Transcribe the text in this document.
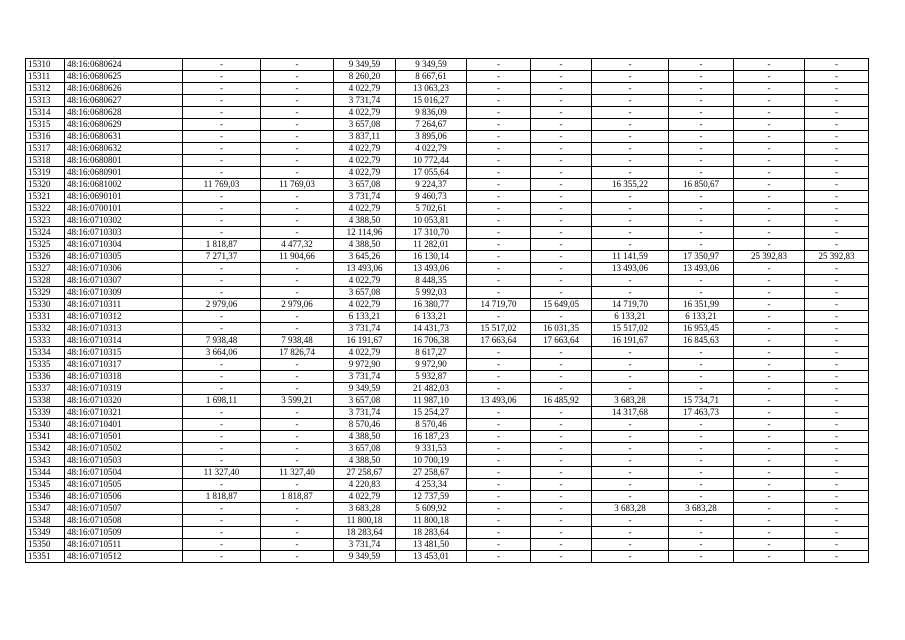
15310	48:16:0680624	-	-	9 349,59	9 349,59	-	-	-	-	-	-
15311	48:16:0680625	-	-	8 260,20	8 667,61	-	-	-	-	-	-
15312	48:16:0680626	-	-	4 022,79	13 063,23	-	-	-	-	-	-
15313	48:16:0680627	-	-	3 731,74	15 016,27	-	-	-	-	-	-
15314	48:16:0680628	-	-	4 022,79	9 836,09	-	-	-	-	-	-
15315	48:16:0680629	-	-	3 657,08	7 264,67	-	-	-	-	-	-
15316	48:16:0680631	-	-	3 837,11	3 895,06	-	-	-	-	-	-
15317	48:16:0680632	-	-	4 022,79	4 022,79	-	-	-	-	-	-
15318	48:16:0680801	-	-	4 022,79	10 772,44	-	-	-	-	-	-
15319	48:16:0680901	-	-	4 022,79	17 055,64	-	-	-	-	-	-
15320	48:16:0681002	11 769,03	11 769,03	3 657,08	9 224,37	-	-	16 355,22	16 850,67	-	-
15321	48:16:0690101	-	-	3 731,74	9 460,73	-	-	-	-	-	-
15322	48:16:0700101	-	-	4 022,79	5 702,61	-	-	-	-	-	-
15323	48:16:0710302	-	-	4 388,50	10 053,81	-	-	-	-	-	-
15324	48:16:0710303	-	-	12 114,96	17 310,70	-	-	-	-	-	-
15325	48:16:0710304	1 818,87	4 477,32	4 388,50	11 282,01	-	-	-	-	-	-
15326	48:16:0710305	7 271,37	11 904,66	3 645,26	16 130,14	-	-	11 141,59	17 350,97	25 392,83	25 392,83
15327	48:16:0710306	-	-	13 493,06	13 493,06	-	-	13 493,06	13 493,06	-	-
15328	48:16:0710307	-	-	4 022,79	8 448,35	-	-	-	-	-	-
15329	48:16:0710309	-	-	3 657,08	5 992,03	-	-	-	-	-	-
15330	48:16:0710311	2 979,06	2 979,06	4 022,79	16 380,77	14 719,70	15 649,05	14 719,70	16 351,99	-	-
15331	48:16:0710312	-	-	6 133,21	6 133,21	-	-	6 133,21	6 133,21	-	-
15332	48:16:0710313	-	-	3 731,74	14 431,73	15 517,02	16 031,35	15 517,02	16 953,45	-	-
15333	48:16:0710314	7 938,48	7 938,48	16 191,67	16 706,38	17 663,64	17 663,64	16 191,67	16 845,63	-	-
15334	48:16:0710315	3 664,06	17 826,74	4 022,79	8 617,27	-	-	-	-	-	-
15335	48:16:0710317	-	-	9 972,90	9 972,90	-	-	-	-	-	-
15336	48:16:0710318	-	-	3 731,74	5 932,87	-	-	-	-	-	-
15337	48:16:0710319	-	-	9 349,59	21 482,03	-	-	-	-	-	-
15338	48:16:0710320	1 698,11	3 599,21	3 657,08	11 987,10	13 493,06	16 485,92	3 683,28	15 734,71	-	-
15339	48:16:0710321	-	-	3 731,74	15 254,27	-	-	14 317,68	17 463,73	-	-
15340	48:16:0710401	-	-	8 570,46	8 570,46	-	-	-	-	-	-
15341	48:16:0710501	-	-	4 388,50	16 187,23	-	-	-	-	-	-
15342	48:16:0710502	-	-	3 657,08	9 331,53	-	-	-	-	-	-
15343	48:16:0710503	-	-	4 388,50	10 700,19	-	-	-	-	-	-
15344	48:16:0710504	11 327,40	11 327,40	27 258,67	27 258,67	-	-	-	-	-	-
15345	48:16:0710505	-	-	4 220,83	4 253,34	-	-	-	-	-	-
15346	48:16:0710506	1 818,87	1 818,87	4 022,79	12 737,59	-	-	-	-	-	-
15347	48:16:0710507	-	-	3 683,28	5 609,92	-	-	3 683,28	3 683,28	-	-
15348	48:16:0710508	-	-	11 800,18	11 800,18	-	-	-	-	-	-
15349	48:16:0710509	-	-	18 283,64	18 283,64	-	-	-	-	-	-
15350	48:16:0710511	-	-	3 731,74	13 481,50	-	-	-	-	-	-
15351	48:16:0710512	-	-	9 349,59	13 453,01	-	-	-	-	-	-
